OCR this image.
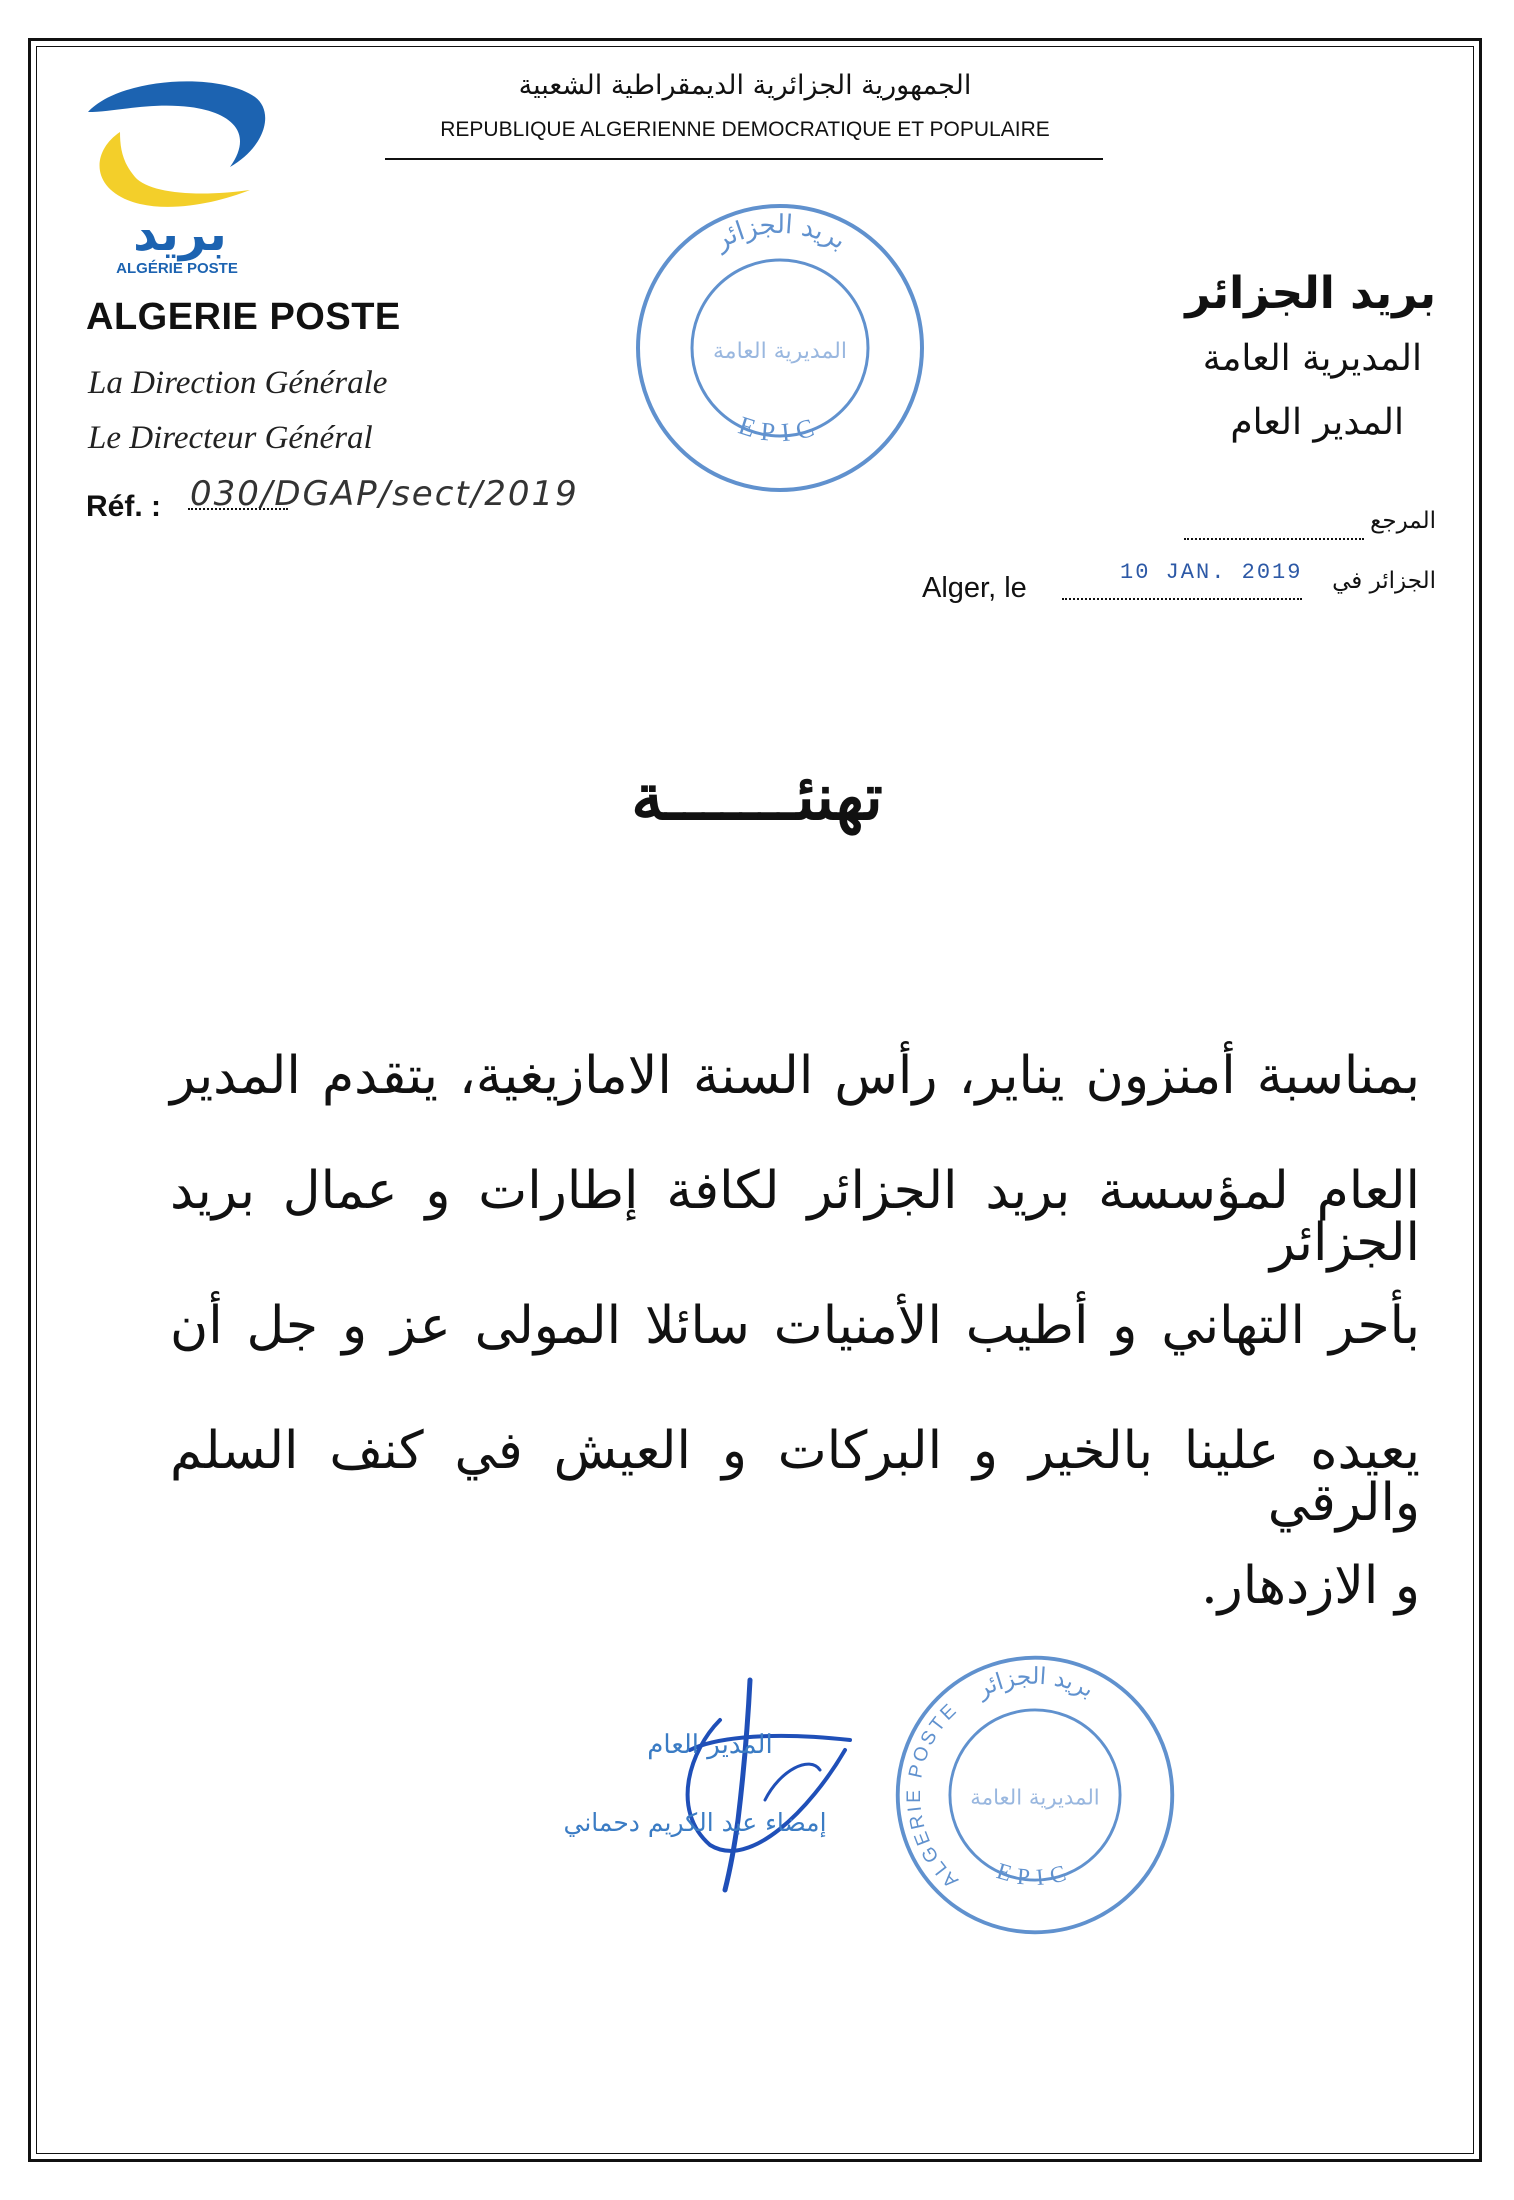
الجمهورية الجزائرية الديمقراطية الشعبية
REPUBLIQUE ALGERIENNE DEMOCRATIQUE ET POPULAIRE
بريد
ALGÉRIE POSTE
ALGERIE POSTE
La Direction Générale
Le Directeur Général
Réf. : 030/DGAP/sect/2019
بريد الجزائر
EPIC
المديرية العامة
بريد الجزائر
المديرية العامة
المدير العام
المرجع
Alger, le	10 JAN. 2019 الجزائر في
تهنئـــــــة
بمناسبة أمنزون يناير، رأس السنة الامازيغية، يتقدم المدير
العام لمؤسسة بريد الجزائر لكافة إطارات و عمال بريد الجزائر
بأحر التهاني و أطيب الأمنيات سائلا المولى عز و جل أن
يعيده علينا بالخير و البركات و العيش في كنف السلم والرقي
و الازدهار.
المدير العام
إمضاء عبد الكريم دحماني
بريد الجزائر
ALGERIE POSTE
EPIC
المديرية العامة
